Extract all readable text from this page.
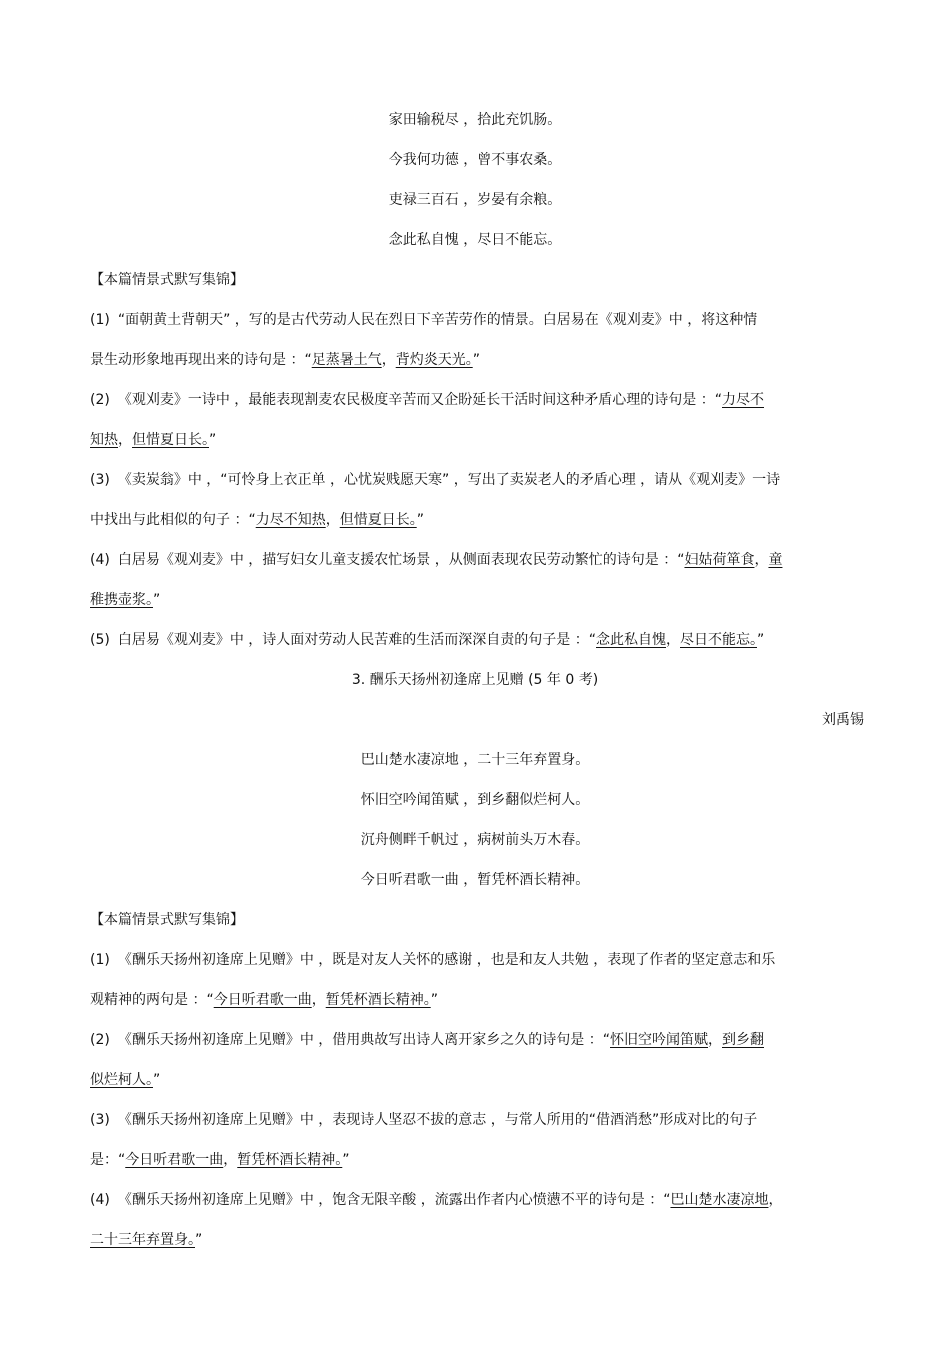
家田输税尽 ，拾此充饥肠。
今我何功德 ，曾不事农桑。
吏禄三百石 ，岁晏有余粮。
念此私自愧 ，尽日不能忘。
【本篇情景式默写集锦】
(1) “面朝黄土背朝天” ，写的是古代劳动人民在烈日下辛苦劳作的情景。白居易在《观刈麦》中 ，将这种情
景生动形象地再现出来的诗句是 ：“足蒸暑土气，背灼炎天光。”
(2) 《观刈麦》一诗中 ，最能表现割麦农民极度辛苦而又企盼延长干活时间这种矛盾心理的诗句是 ：“力尽不
知热，但惜夏日长。”
(3) 《卖炭翁》中 ，“可怜身上衣正单 ，心忧炭贱愿天寒” ，写出了卖炭老人的矛盾心理 ，请从《观刈麦》一诗
中找出与此相似的句子 ：“力尽不知热，但惜夏日长。”
(4) 白居易《观刈麦》中 ，描写妇女儿童支援农忙场景 ，从侧面表现农民劳动繁忙的诗句是 ：“妇姑荷箪食，童
稚携壶浆。”
(5) 白居易《观刈麦》中 ，诗人面对劳动人民苦难的生活而深深自责的句子是 ：“念此私自愧，尽日不能忘。”
3. 酬乐天扬州初逢席上见赠 (5 年 0 考)
刘禹锡
巴山楚水凄凉地 ，二十三年弃置身。
怀旧空吟闻笛赋 ，到乡翻似烂柯人。
沉舟侧畔千帆过 ，病树前头万木春。
今日听君歌一曲 ，暂凭杯酒长精神。
【本篇情景式默写集锦】
(1) 《酬乐天扬州初逢席上见赠》中 ，既是对友人关怀的感谢 ，也是和友人共勉 ，表现了作者的坚定意志和乐
观精神的两句是 ：“今日听君歌一曲，暂凭杯酒长精神。”
(2) 《酬乐天扬州初逢席上见赠》中 ，借用典故写出诗人离开家乡之久的诗句是 ：“怀旧空吟闻笛赋，到乡翻
似烂柯人。”
(3) 《酬乐天扬州初逢席上见赠》中 ，表现诗人坚忍不拔的意志 ，与常人所用的“借酒消愁”形成对比的句子
是：“今日听君歌一曲，暂凭杯酒长精神。”
(4) 《酬乐天扬州初逢席上见赠》中 ，饱含无限辛酸 ，流露出作者内心愤懑不平的诗句是 ：“巴山楚水凄凉地，
二十三年弃置身。”
